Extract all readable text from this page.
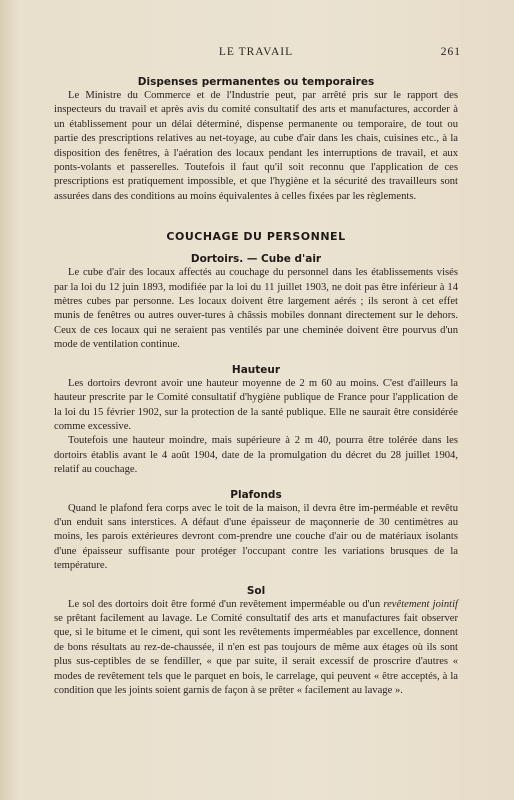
LE TRAVAIL	261
Dispenses permanentes ou temporaires

Le Ministre du Commerce et de l'Industrie peut, par arrêté pris sur le rapport des inspecteurs du travail et après avis du comité consultatif des arts et manufactures, accorder à un établissement pour un délai déterminé, dispense permanente ou temporaire, de tout ou partie des prescriptions relatives au net-toyage, au cube d'air dans les chais, cuisines etc., à la disposition des fenêtres, à l'aération des locaux pendant les interruptions de travail, et aux ponts-volants et passerelles. Toutefois il faut qu'il soit reconnu que l'application de ces prescriptions est pratiquement impossible, et que l'hygiène et la sécurité des travailleurs sont assurées dans des conditions au moins équivalentes à celles fixées par les règlements.

COUCHAGE DU PERSONNEL
Dortoirs. — Cube d'air

Le cube d'air des locaux affectés au couchage du personnel dans les établissements visés par la loi du 12 juin 1893, modifiée par la loi du 11 juillet 1903, ne doit pas être inférieur à 14 mètres cubes par personne. Les locaux doivent être largement aérés ; ils seront à cet effet munis de fenêtres ou autres ouver-tures à châssis mobiles donnant directement sur le dehors. Ceux de ces locaux qui ne seraient pas ventilés par une cheminée doivent être pourvus d'un mode de ventilation continue.

Hauteur

Les dortoirs devront avoir une hauteur moyenne de 2 m 60 au moins. C'est d'ailleurs la hauteur prescrite par le Comité consultatif d'hygiène publique de France pour l'application de la loi du 15 février 1902, sur la protection de la santé publique. Elle ne saurait être considérée comme excessive.

Toutefois une hauteur moindre, mais supérieure à 2 m 40, pourra être tolérée dans les dortoirs établis avant le 4 août 1904, date de la promulgation du décret du 28 juillet 1904, relatif au couchage.

Plafonds

Quand le plafond fera corps avec le toit de la maison, il devra être im-perméable et revêtu d'un enduit sans interstices. A défaut d'une épaisseur de maçonnerie de 30 centimètres au moins, les parois extérieures devront com-prendre une couche d'air ou de matériaux isolants d'une épaisseur suffisante pour protéger l'occupant contre les variations brusques de la température.

Sol

Le sol des dortoirs doit être formé d'un revêtement imperméable ou d'un revêtement jointif se prêtant facilement au lavage. Le Comité consultatif des arts et manufactures fait observer que, si le bitume et le ciment, qui sont les revêtements imperméables par excellence, donnent de bons résultats au rez-de-chaussée, il n'en est pas toujours de même aux étages où ils sont plus sus-ceptibles de se fendiller, « que par suite, il serait excessif de proscrire d'autres « modes de revêtement tels que le parquet en bois, le carrelage, qui peuvent « être acceptés, à la condition que les joints soient garnis de façon à se prêter « facilement au lavage ».
